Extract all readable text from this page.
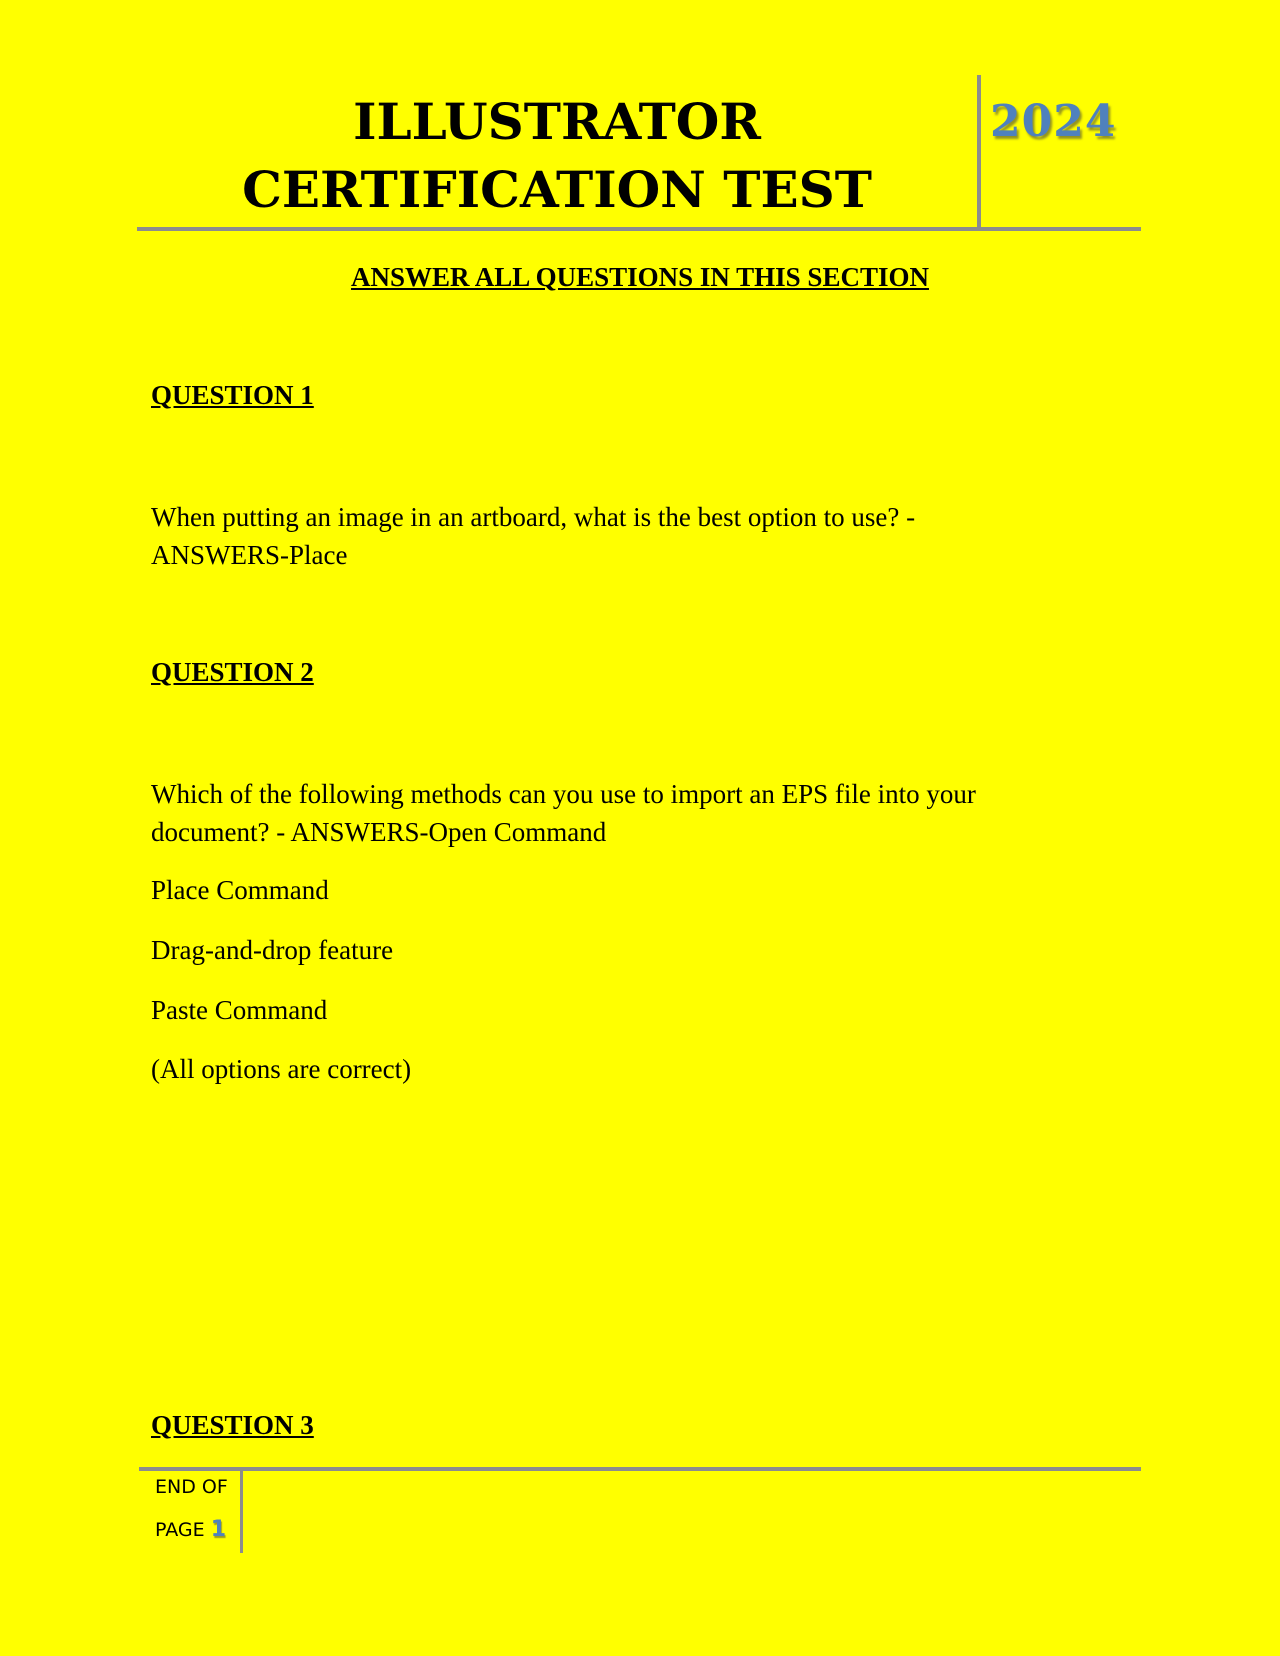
ILLUSTRATOR
CERTIFICATION TEST
2024
ANSWER ALL QUESTIONS IN THIS SECTION
QUESTION 1
When putting an image in an artboard, what is the best option to use? -
ANSWERS-Place
QUESTION 2
Which of the following methods can you use to import an EPS file into your
document? - ANSWERS-Open Command
Place Command
Drag-and-drop feature
Paste Command
(All options are correct)
QUESTION 3
END OF
PAGE 1
